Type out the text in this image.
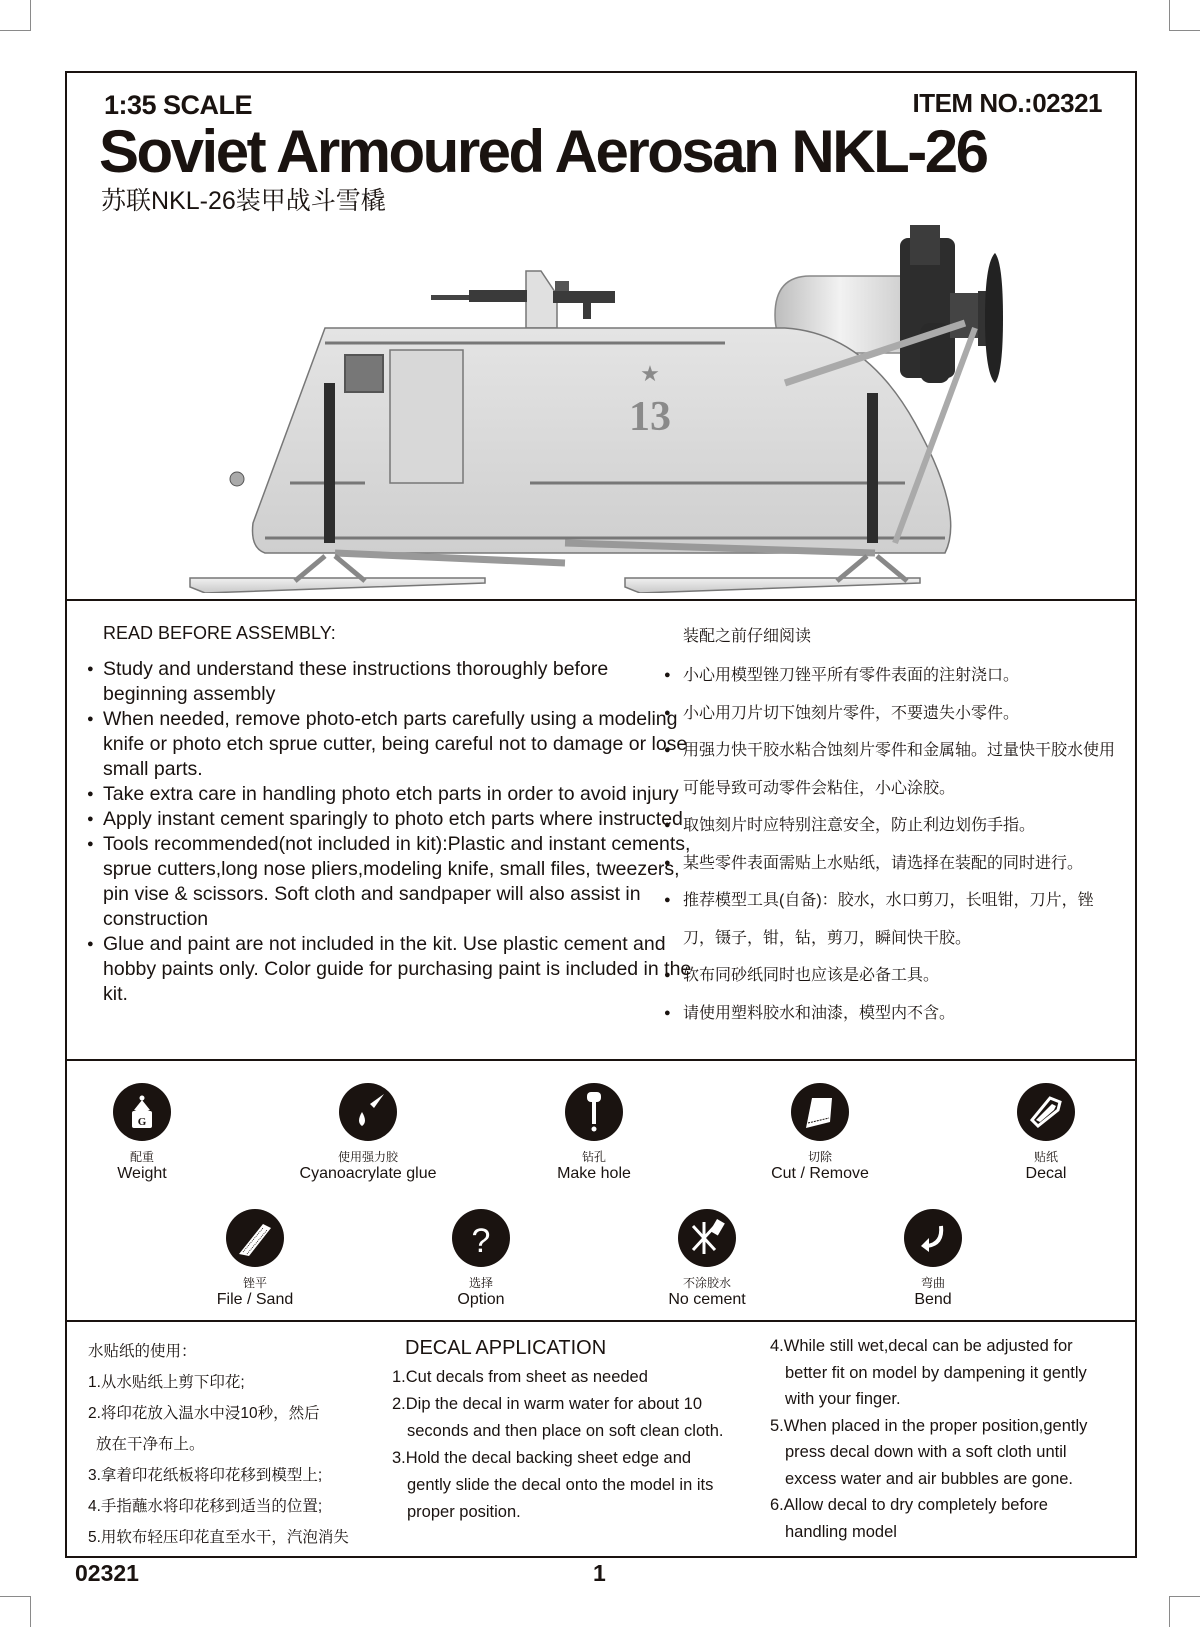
1:35 SCALE	ITEM NO.:02321
Soviet Armoured Aerosan NKL-26
苏联NKL-26装甲战斗雪橇
13
★
READ BEFORE ASSEMBLY:
● Study and understand these instructions thoroughly before beginning assembly
● When needed, remove photo-etch parts carefully using a modeling knife or photo etch sprue cutter, being careful not to damage or lose small parts.
● Take extra care in handling photo etch parts in order to avoid injury
● Apply instant cement sparingly to photo etch parts where instructed
● Tools recommended(not included in kit):Plastic and instant cements, sprue cutters,long nose pliers,modeling knife, small files, tweezers, pin vise & scissors. Soft cloth and sandpaper will also assist in construction
● Glue and paint are not included in the kit. Use plastic cement and hobby paints only. Color guide for purchasing paint is included in the kit.
装配之前仔细阅读
● 小心用模型锉刀锉平所有零件表面的注射浇口。
● 小心用刀片切下蚀刻片零件，不要遗失小零件。
● 用强力快干胶水粘合蚀刻片零件和金属轴。过量快干胶水使用可能导致可动零件会粘住，小心涂胶。
● 取蚀刻片时应特别注意安全，防止利边划伤手指。
● 某些零件表面需贴上水贴纸，请选择在装配的同时进行。
● 推荐模型工具(自备)：胶水，水口剪刀，长咀钳，刀片，锉刀，镊子，钳，钻，剪刀，瞬间快干胶。
● 软布同砂纸同时也应该是必备工具。
● 请使用塑料胶水和油漆，模型内不含。
G
配重
Weight
使用强力胶
Cyanoacrylate glue
钻孔
Make hole
切除
Cut / Remove
贴纸
Decal
锉平
File / Sand
?
选择
Option
不涂胶水
No cement
弯曲
Bend
水贴纸的使用：
1.从水贴纸上剪下印花;
2.将印花放入温水中浸10秒，然后
放在干净布上。
3.拿着印花纸板将印花移到模型上;
4.手指蘸水将印花移到适当的位置;
5.用软布轻压印花直至水干，汽泡消失
DECAL APPLICATION
1.Cut decals from sheet as needed
2.Dip the decal in warm water for about 10
seconds and then place on soft clean cloth.
3.Hold the decal backing sheet edge and
gently slide the decal onto the model in its
proper position.
4.While still wet,decal can be adjusted for
better fit on model by dampening it gently
with your finger.
5.When placed in the proper position,gently
press decal down with a soft cloth until
excess water and air bubbles are gone.
6.Allow decal to dry completely before
handling model
02321	1
